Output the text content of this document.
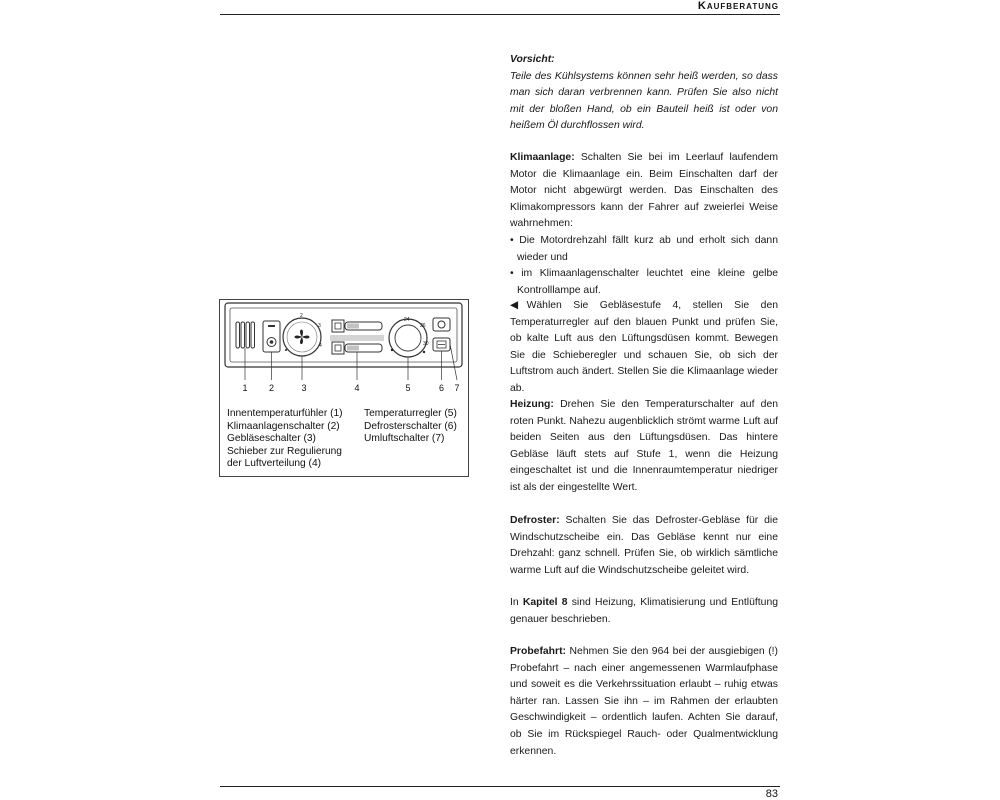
Kaufberatung
2
3
4
24
26
30
1 2	3	4	5	6 7
Innentemperaturfühler (1)
Klimaanlagenschalter (2)
Gebläseschalter (3)
Schieber zur Regulierung
der Luftverteilung (4)
Temperaturregler (5)
Defrosterschalter (6)
Umluftschalter (7)

Vorsicht:

Teile des Kühlsystems können sehr heiß werden, so dass man sich daran verbrennen kann. Prüfen Sie also nicht mit der bloßen Hand, ob ein Bauteil heiß ist oder von heißem Öl durchflossen wird.

Klimaanlage: Schalten Sie bei im Leerlauf laufendem Motor die Klimaanlage ein. Beim Einschalten darf der Motor nicht abgewürgt werden. Das Einschalten des Klimakompressors kann der Fahrer auf zweierlei Weise wahrnehmen:

• Die Motordrehzahl fällt kurz ab und erholt sich dann wieder und
• im Klimaanlagenschalter leuchtet eine kleine gelbe Kontrolllampe auf.

◀Wählen Sie Gebläsestufe 4, stellen Sie den Temperaturregler auf den blauen Punkt und prüfen Sie, ob kalte Luft aus den Lüftungsdüsen kommt. Bewegen Sie die Schieberegler und schauen Sie, ob sich der Luftstrom auch ändert. Stellen Sie die Klimaanlage wieder ab.

Heizung: Drehen Sie den Temperaturschalter auf den roten Punkt. Nahezu augenblicklich strömt warme Luft auf beiden Seiten aus den Lüftungsdüsen. Das hintere Gebläse läuft stets auf Stufe 1, wenn die Heizung eingeschaltet ist und die Innenraumtemperatur niedriger ist als der eingestellte Wert.

Defroster: Schalten Sie das Defroster-Gebläse für die Windschutzscheibe ein. Das Gebläse kennt nur eine Drehzahl: ganz schnell. Prüfen Sie, ob wirklich sämtliche warme Luft auf die Windschutzscheibe geleitet wird.

In Kapitel 8 sind Heizung, Klimatisierung und Entlüftung genauer beschrieben.

Probefahrt: Nehmen Sie den 964 bei der ausgiebigen (!) Probefahrt – nach einer angemessenen Warmlaufphase und soweit es die Verkehrssituation erlaubt – ruhig etwas härter ran. Lassen Sie ihn – im Rahmen der erlaubten Geschwindigkeit – ordentlich laufen. Achten Sie darauf, ob Sie im Rückspiegel Rauch- oder Qualmentwicklung erkennen.

83
